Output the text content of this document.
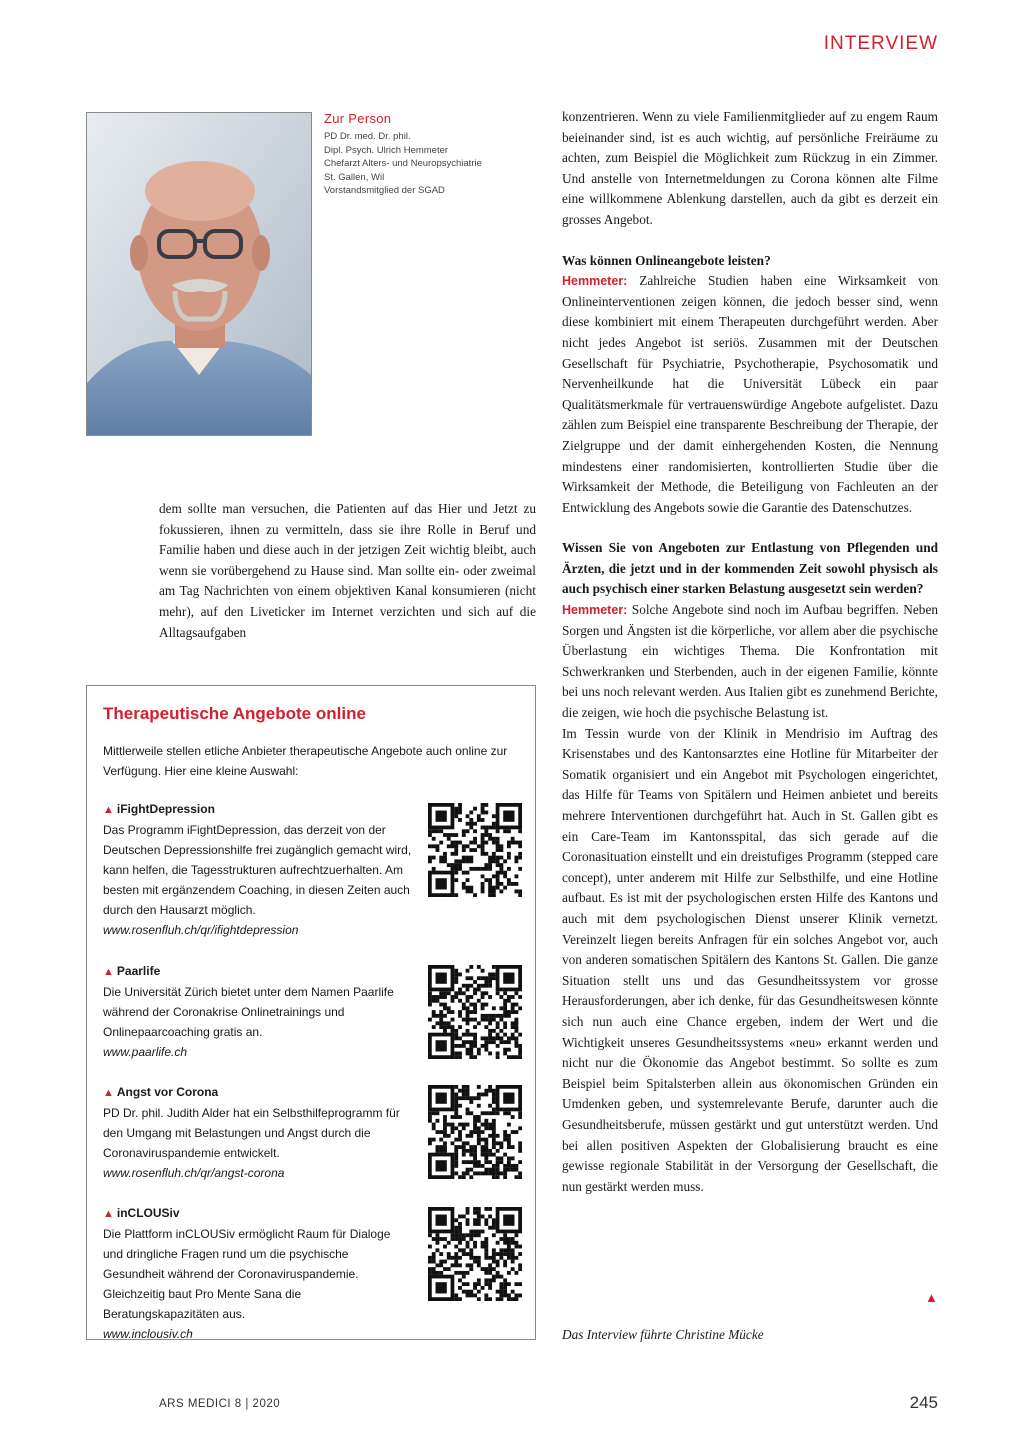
INTERVIEW
Zur Person
PD Dr. med. Dr. phil.
Dipl. Psych. Ulrich Hemmeter
Chefarzt Alters- und Neuropsychiatrie
St. Gallen, Wil
Vorstandsmitglied der SGAD

dem sollte man versuchen, die Patienten auf das Hier und Jetzt zu fokussieren, ihnen zu vermitteln, dass sie ihre Rolle in Beruf und Familie haben und diese auch in der jetzigen Zeit wichtig bleibt, auch wenn sie vorübergehend zu Hause sind. Man sollte ein- oder zweimal am Tag Nachrichten von einem objektiven Kanal konsumieren (nicht mehr), auf den Liveticker im Internet verzichten und sich auf die Alltagsaufgaben

Therapeutische Angebote online
Mittlerweile stellen etliche Anbieter therapeutische Angebote auch online zur Verfügung. Hier eine kleine Auswahl:
▲ iFightDepression
Das Programm iFightDepression, das derzeit von der Deutschen Depressionshilfe frei zugänglich gemacht wird, kann helfen, die Tagesstrukturen aufrechtzuerhalten. Am besten mit ergänzendem Coaching, in diesen Zeiten auch durch den Hausarzt möglich.
www.rosenfluh.ch/qr/ifightdepression
▲ Paarlife
Die Universität Zürich bietet unter dem Namen Paarlife während der Coronakrise Onlinetrainings und Onlinepaarcoaching gratis an.
www.paarlife.ch
▲ Angst vor Corona
PD Dr. phil. Judith Alder hat ein Selbsthilfeprogramm für den Umgang mit Belastungen und Angst durch die Coronaviruspandemie entwickelt.
www.rosenfluh.ch/qr/angst-corona
▲ inCLOUSiv
Die Plattform inCLOUSiv ermöglicht Raum für Dialoge und dringliche Fragen rund um die psychische Gesundheit während der Coronaviruspandemie. Gleichzeitig baut Pro Mente Sana die Beratungskapazitäten aus.
www.inclousiv.ch

konzentrieren. Wenn zu viele Familienmitglieder auf zu engem Raum beieinander sind, ist es auch wichtig, auf persönliche Freiräume zu achten, zum Beispiel die Möglichkeit zum Rückzug in ein Zimmer. Und anstelle von Internetmeldungen zu Corona können alte Filme eine willkommene Ablenkung darstellen, auch da gibt es derzeit ein grosses Angebot.

Was können Onlineangebote leisten?

Hemmeter: Zahlreiche Studien haben eine Wirksamkeit von Onlineinterventionen zeigen können, die jedoch besser sind, wenn diese kombiniert mit einem Therapeuten durchgeführt werden. Aber nicht jedes Angebot ist seriös. Zusammen mit der Deutschen Gesellschaft für Psychiatrie, Psychotherapie, Psychosomatik und Nervenheilkunde hat die Universität Lübeck ein paar Qualitätsmerkmale für vertrauenswürdige Angebote aufgelistet. Dazu zählen zum Beispiel eine transparente Beschreibung der Therapie, der Zielgruppe und der damit einhergehenden Kosten, die Nennung mindestens einer randomisierten, kontrollierten Studie über die Wirksamkeit der Methode, die Beteiligung von Fachleuten an der Entwicklung des Angebots sowie die Garantie des Datenschutzes.

Wissen Sie von Angeboten zur Entlastung von Pflegenden und Ärzten, die jetzt und in der kommenden Zeit sowohl physisch als auch psychisch einer starken Belastung ausgesetzt sein werden?

Hemmeter: Solche Angebote sind noch im Aufbau begriffen. Neben Sorgen und Ängsten ist die körperliche, vor allem aber die psychische Überlastung ein wichtiges Thema. Die Konfrontation mit Schwerkranken und Sterbenden, auch in der eigenen Familie, könnte bei uns noch relevant werden. Aus Italien gibt es zunehmend Berichte, die zeigen, wie hoch die psychische Belastung ist.

Im Tessin wurde von der Klinik in Mendrisio im Auftrag des Krisenstabes und des Kantonsarztes eine Hotline für Mitarbeiter der Somatik organisiert und ein Angebot mit Psychologen eingerichtet, das Hilfe für Teams von Spitälern und Heimen anbietet und bereits mehrere Interventionen durchgeführt hat. Auch in St. Gallen gibt es ein Care-Team im Kantonsspital, das sich gerade auf die Coronasituation einstellt und ein dreistufiges Programm (stepped care concept), unter anderem mit Hilfe zur Selbsthilfe, und eine Hotline aufbaut. Es ist mit der psychologischen ersten Hilfe des Kantons und auch mit dem psychologischen Dienst unserer Klinik vernetzt. Vereinzelt liegen bereits Anfragen für ein solches Angebot vor, auch von anderen somatischen Spitälern des Kantons St. Gallen. Die ganze Situation stellt uns und das Gesundheitssystem vor grosse Herausforderungen, aber ich denke, für das Gesundheitswesen könnte sich nun auch eine Chance ergeben, indem der Wert und die Wichtigkeit unseres Gesundheitssystems «neu» erkannt werden und nicht nur die Ökonomie das Angebot bestimmt. So sollte es zum Beispiel beim Spitalsterben allein aus ökonomischen Gründen ein Umdenken geben, und systemrelevante Berufe, darunter auch die Gesundheitsberufe, müssen gestärkt und gut unterstützt werden. Und bei allen positiven Aspekten der Globalisierung braucht es eine gewisse regionale Stabilität in der Versorgung der Gesellschaft, die nun gestärkt werden muss.

▲
Das Interview führte Christine Mücke
ARS MEDICI 8 | 2020	245
